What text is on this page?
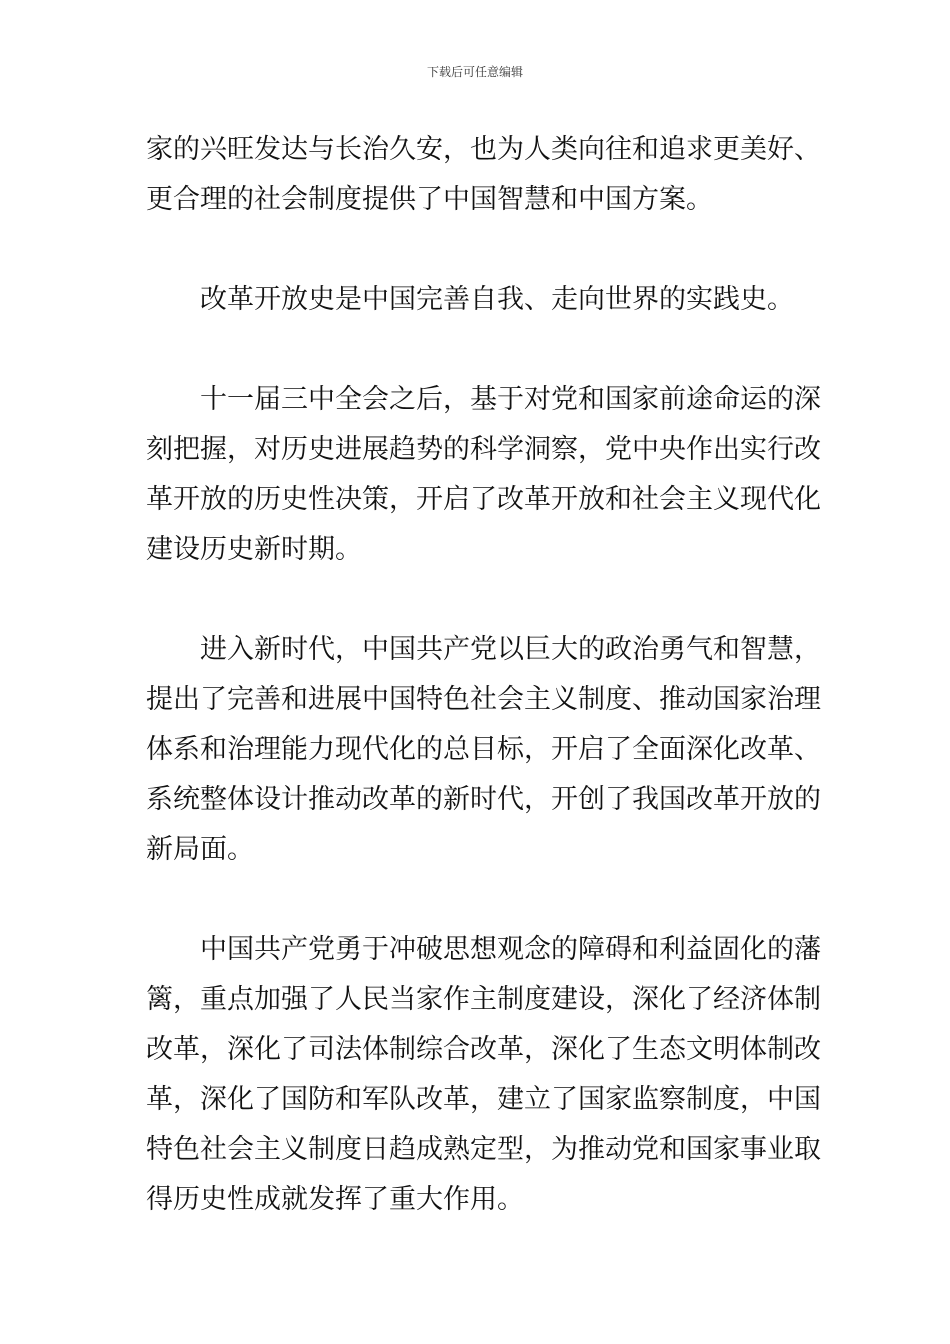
下载后可任意编辑
家的兴旺发达与长治久安，也为人类向往和追求更美好、
更合理的社会制度提供了中国智慧和中国方案。
改革开放史是中国完善自我、走向世界的实践史。
十一届三中全会之后，基于对党和国家前途命运的深
刻把握，对历史进展趋势的科学洞察，党中央作出实行改
革开放的历史性决策，开启了改革开放和社会主义现代化
建设历史新时期。
进入新时代，中国共产党以巨大的政治勇气和智慧，
提出了完善和进展中国特色社会主义制度、推动国家治理
体系和治理能力现代化的总目标，开启了全面深化改革、
系统整体设计推动改革的新时代，开创了我国改革开放的
新局面。
中国共产党勇于冲破思想观念的障碍和利益固化的藩
篱，重点加强了人民当家作主制度建设，深化了经济体制
改革，深化了司法体制综合改革，深化了生态文明体制改
革，深化了国防和军队改革，建立了国家监察制度，中国
特色社会主义制度日趋成熟定型，为推动党和国家事业取
得历史性成就发挥了重大作用。
